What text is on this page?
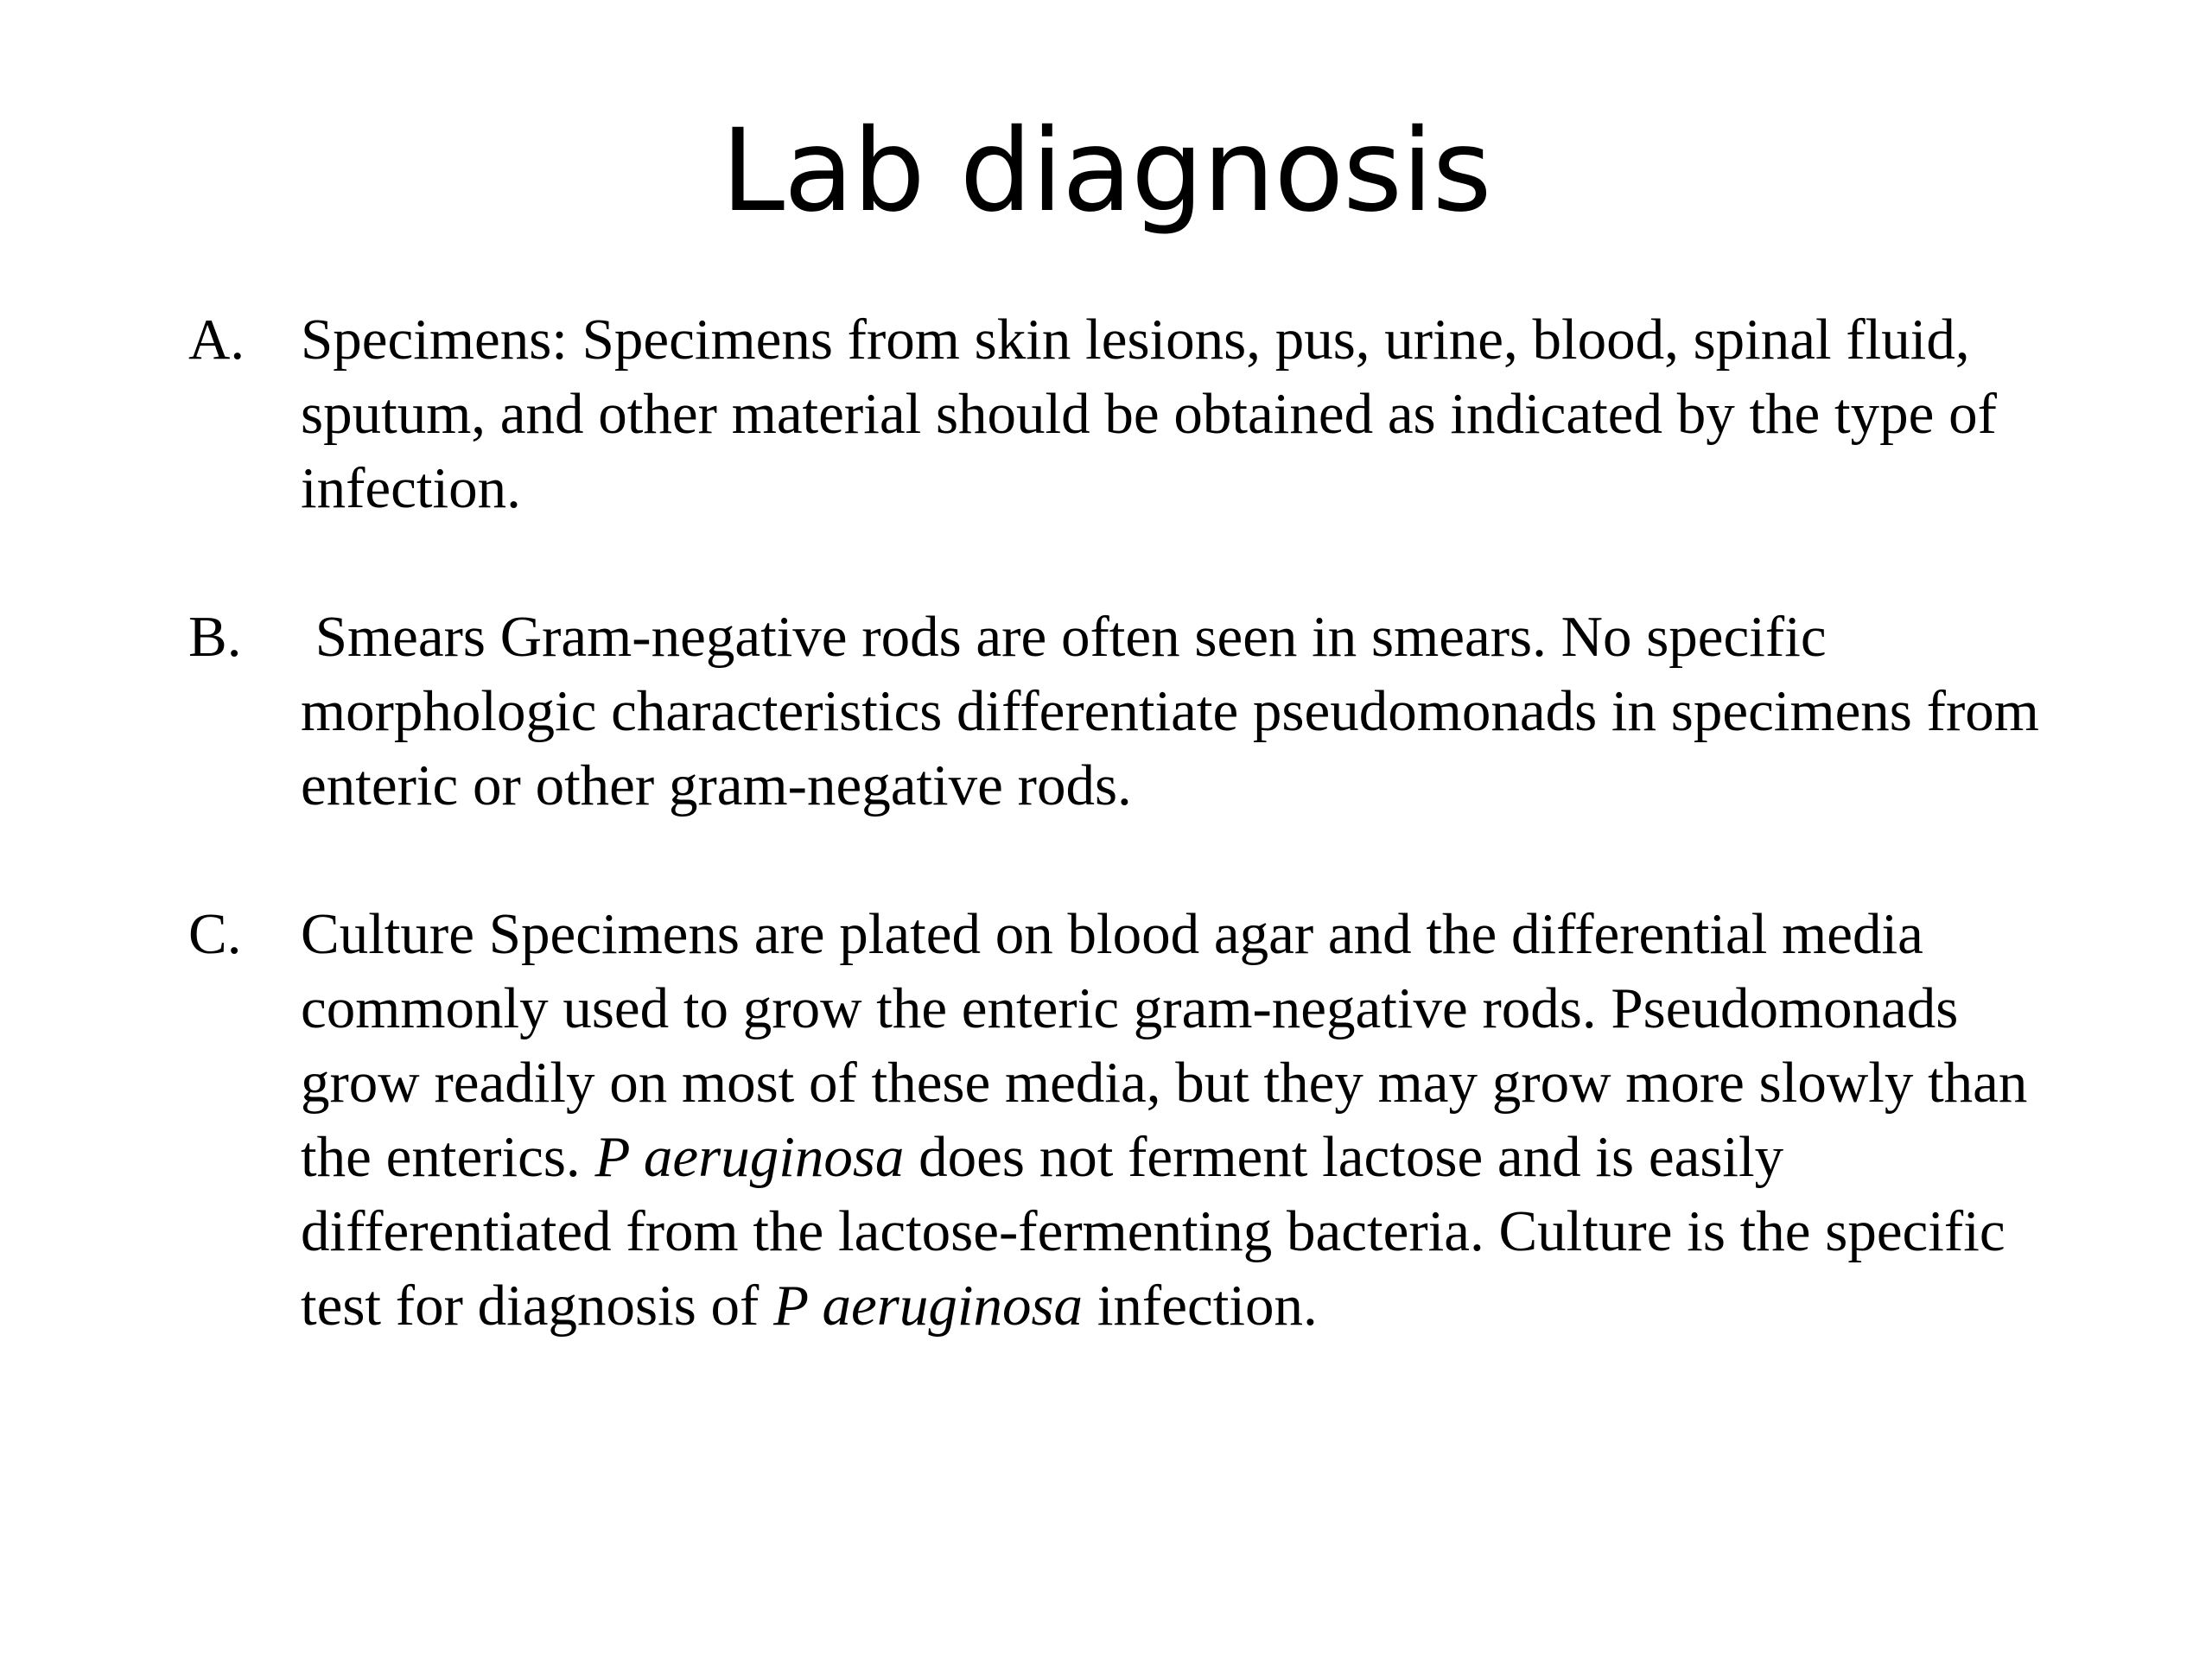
Lab diagnosis
A. Specimens: Specimens from skin lesions, pus, urine, blood, spinal fluid, sputum, and other material should be obtained as indicated by the type of infection.
B. Smears Gram-negative rods are often seen in smears. No specific morphologic characteristics differentiate pseudomonads in specimens from enteric or other gram-negative rods.
C. Culture Specimens are plated on blood agar and the differential media commonly used to grow the enteric gram-negative rods. Pseudomonads grow readily on most of these media, but they may grow more slowly than the enterics. P aeruginosa does not ferment lactose and is easily differentiated from the lactose-fermenting bacteria. Culture is the specific test for diagnosis of P aeruginosa infection.
